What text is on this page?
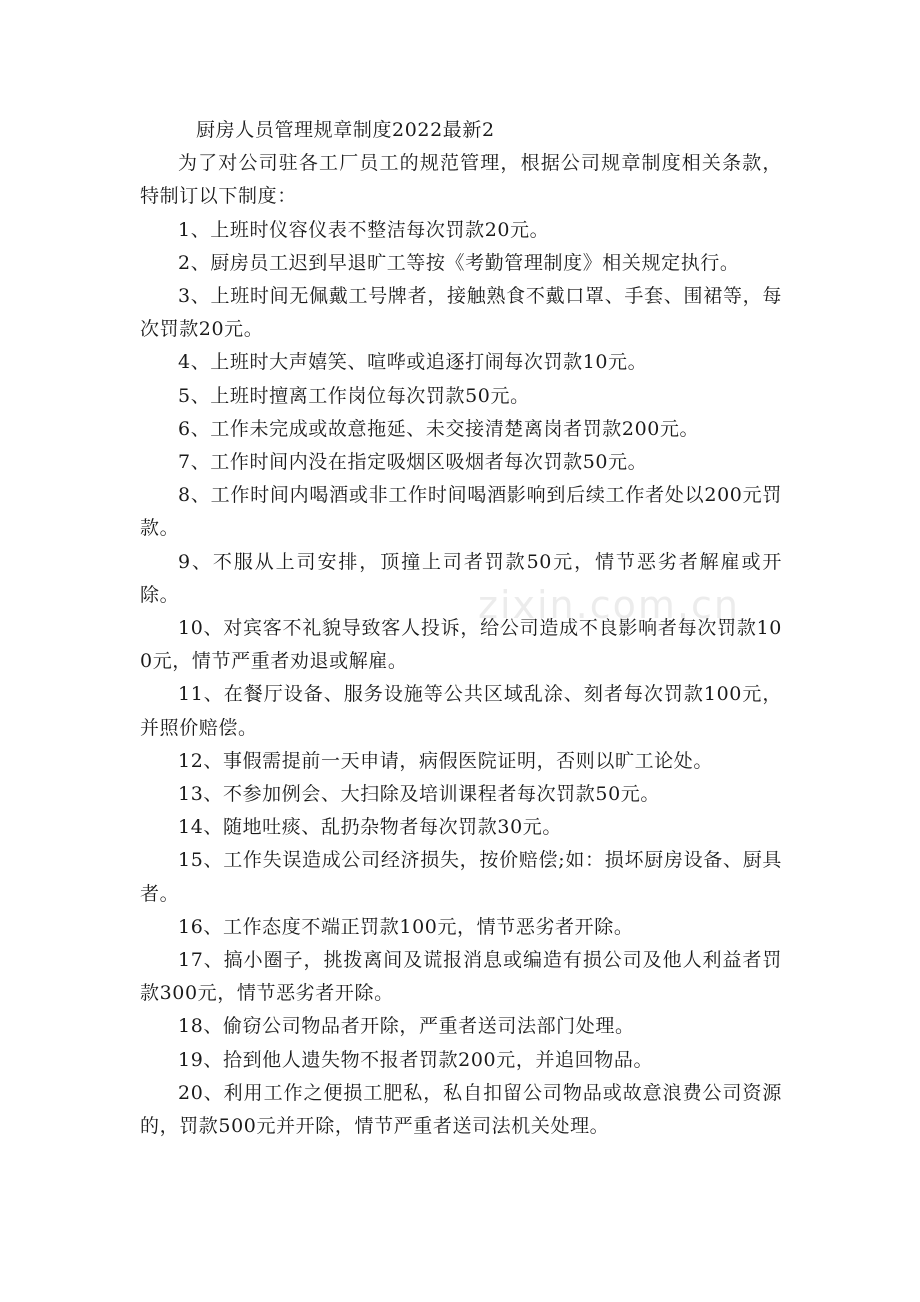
厨房人员管理规章制度2022最新2

为了对公司驻各工厂员工的规范管理，根据公司规章制度相关条款，特制订以下制度：

1、上班时仪容仪表不整洁每次罚款20元。

2、厨房员工迟到早退旷工等按《考勤管理制度》相关规定执行。

3、上班时间无佩戴工号牌者，接触熟食不戴口罩、手套、围裙等，每次罚款20元。

4、上班时大声嬉笑、喧哗或追逐打闹每次罚款10元。

5、上班时擅离工作岗位每次罚款50元。

6、工作未完成或故意拖延、未交接清楚离岗者罚款200元。

7、工作时间内没在指定吸烟区吸烟者每次罚款50元。

8、工作时间内喝酒或非工作时间喝酒影响到后续工作者处以200元罚款。

9、不服从上司安排，顶撞上司者罚款50元，情节恶劣者解雇或开除。

10、对宾客不礼貌导致客人投诉，给公司造成不良影响者每次罚款100元，情节严重者劝退或解雇。

11、在餐厅设备、服务设施等公共区域乱涂、刻者每次罚款100元，并照价赔偿。

12、事假需提前一天申请，病假医院证明，否则以旷工论处。

13、不参加例会、大扫除及培训课程者每次罚款50元。

14、随地吐痰、乱扔杂物者每次罚款30元。

15、工作失误造成公司经济损失，按价赔偿;如：损坏厨房设备、厨具者。

16、工作态度不端正罚款100元，情节恶劣者开除。

17、搞小圈子，挑拨离间及谎报消息或编造有损公司及他人利益者罚款300元，情节恶劣者开除。

18、偷窃公司物品者开除，严重者送司法部门处理。

19、拾到他人遗失物不报者罚款200元，并追回物品。

20、利用工作之便损工肥私，私自扣留公司物品或故意浪费公司资源的，罚款500元并开除，情节严重者送司法机关处理。

zixin.com.cn
